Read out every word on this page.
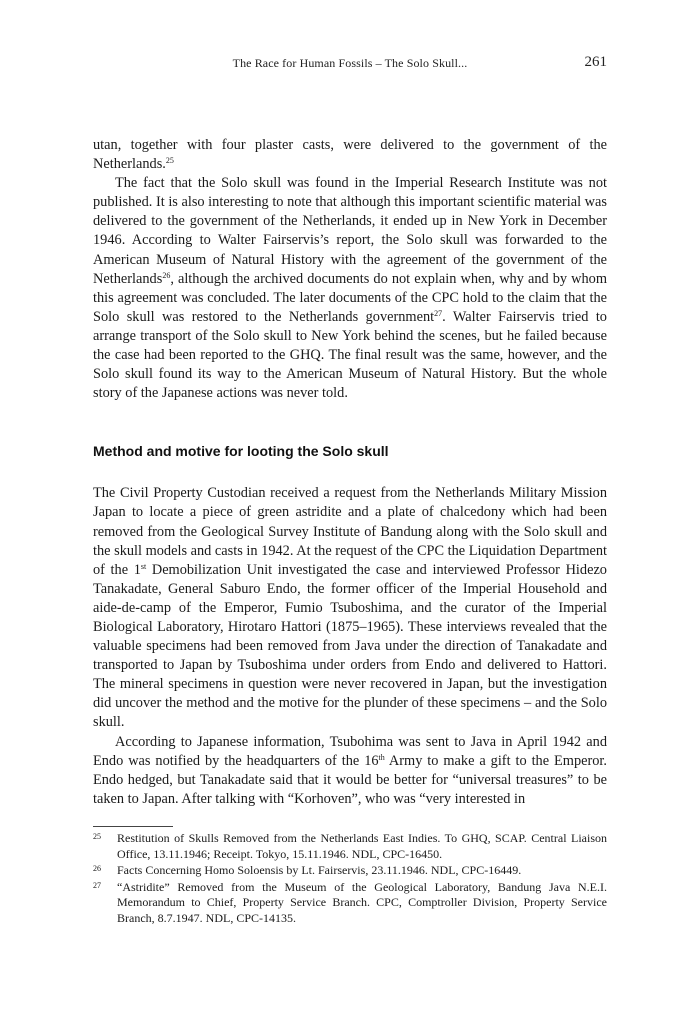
The Race for Human Fossils – The Solo Skull...	261

utan, together with four plaster casts, were delivered to the government of the Netherlands.$^{25}$

The fact that the Solo skull was found in the Imperial Research Institute was not published. It is also interesting to note that although this important scientific material was delivered to the government of the Netherlands, it ended up in New York in December 1946. According to Walter Fairservis’s report, the Solo skull was forwarded to the American Museum of Natural History with the agreement of the government of the Netherlands$^{26}$, although the archived documents do not explain when, why and by whom this agreement was concluded. The later documents of the CPC hold to the claim that the Solo skull was restored to the Netherlands government$^{27}$. Walter Fairservis tried to arrange transport of the Solo skull to New York behind the scenes, but he failed because the case had been reported to the GHQ. The final result was the same, however, and the Solo skull found its way to the American Museum of Natural History. But the whole story of the Japanese actions was never told.

Method and motive for looting the Solo skull

The Civil Property Custodian received a request from the Netherlands Military Mission Japan to locate a piece of green astridite and a plate of chalcedony which had been removed from the Geological Survey Institute of Bandung along with the Solo skull and the skull models and casts in 1942. At the request of the CPC the Liquidation Department of the 1st Demobilization Unit investigated the case and interviewed Professor Hidezo Tanakadate, General Saburo Endo, the former officer of the Imperial Household and aide-de-camp of the Emperor, Fumio Tsuboshima, and the curator of the Imperial Biological Laboratory, Hirotaro Hattori (1875–1965). These interviews revealed that the valuable specimens had been removed from Java under the direction of Tanakadate and transported to Japan by Tsuboshima under orders from Endo and delivered to Hattori. The mineral specimens in question were never recovered in Japan, but the investigation did uncover the method and the motive for the plunder of these specimens – and the Solo skull.

According to Japanese information, Tsubohima was sent to Java in April 1942 and Endo was notified by the headquarters of the 16th Army to make a gift to the Emperor. Endo hedged, but Tanakadate said that it would be better for “universal treasures” to be taken to Japan. After talking with “Korhoven”, who was “very interested in

25 Restitution of Skulls Removed from the Netherlands East Indies. To GHQ, SCAP. Central Liaison Office, 13.11.1946; Receipt. Tokyo, 15.11.1946. NDL, CPC-16450.
26 Facts Concerning Homo Soloensis by Lt. Fairservis, 23.11.1946. NDL, CPC-16449.
27 “Astridite” Removed from the Museum of the Geological Laboratory, Bandung Java N.E.I. Memorandum to Chief, Property Service Branch. CPC, Comptroller Division, Property Service Branch, 8.7.1947. NDL, CPC-14135.
